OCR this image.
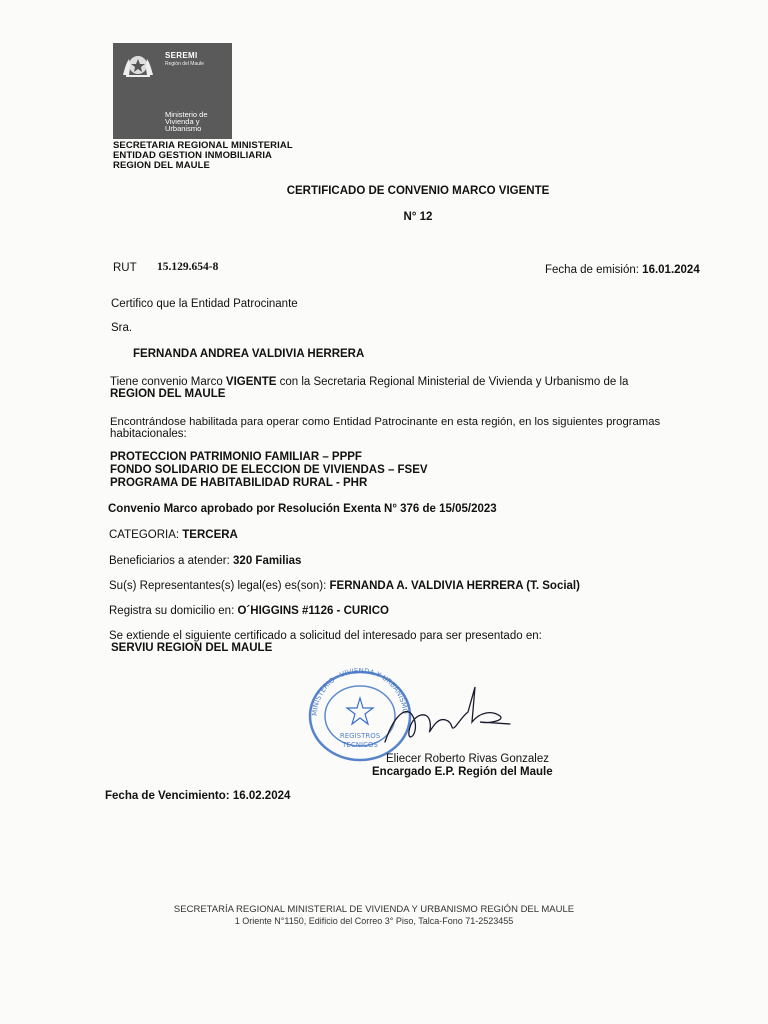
SEREMI
Región del Maule
Ministerio de Vivienda y Urbanismo
SECRETARIA REGIONAL MINISTERIAL
ENTIDAD GESTION INMOBILIARIA
REGION DEL MAULE
CERTIFICADO DE CONVENIO MARCO VIGENTE
N° 12
RUT 15.129.654-8	Fecha de emisión: 16.01.2024
Certifico que la Entidad Patrocinante
Sra.
FERNANDA ANDREA VALDIVIA HERRERA
Tiene convenio Marco VIGENTE con la Secretaria Regional Ministerial de Vivienda y Urbanismo de la
REGION DEL MAULE
Encontrándose habilitada para operar como Entidad Patrocinante en esta región, en los siguientes programas
habitacionales:
PROTECCION PATRIMONIO FAMILIAR – PPPF
FONDO SOLIDARIO DE ELECCION DE VIVIENDAS – FSEV
PROGRAMA DE HABITABILIDAD RURAL - PHR
Convenio Marco aprobado por Resolución Exenta N° 376 de 15/05/2023
CATEGORIA: TERCERA
Beneficiarios a atender: 320 Familias
Su(s) Representantes(s) legal(es) es(son): FERNANDA A. VALDIVIA HERRERA (T. Social)
Registra su domicilio en: O´HIGGINS #1126 - CURICO
Se extiende el siguiente certificado a solicitud del interesado para ser presentado en:
SERVIU REGION DEL MAULE
MINISTERIO · VIVIENDA Y URBANISMO
REGISTROS
TECNICOS
Eliecer Roberto Rivas Gonzalez
Encargado E.P. Región del Maule
Fecha de Vencimiento: 16.02.2024
SECRETARÍA REGIONAL MINISTERIAL DE VIVIENDA Y URBANISMO REGIÓN DEL MAULE
1 Oriente N°1150, Edificio del Correo 3° Piso, Talca-Fono 71-2523455
